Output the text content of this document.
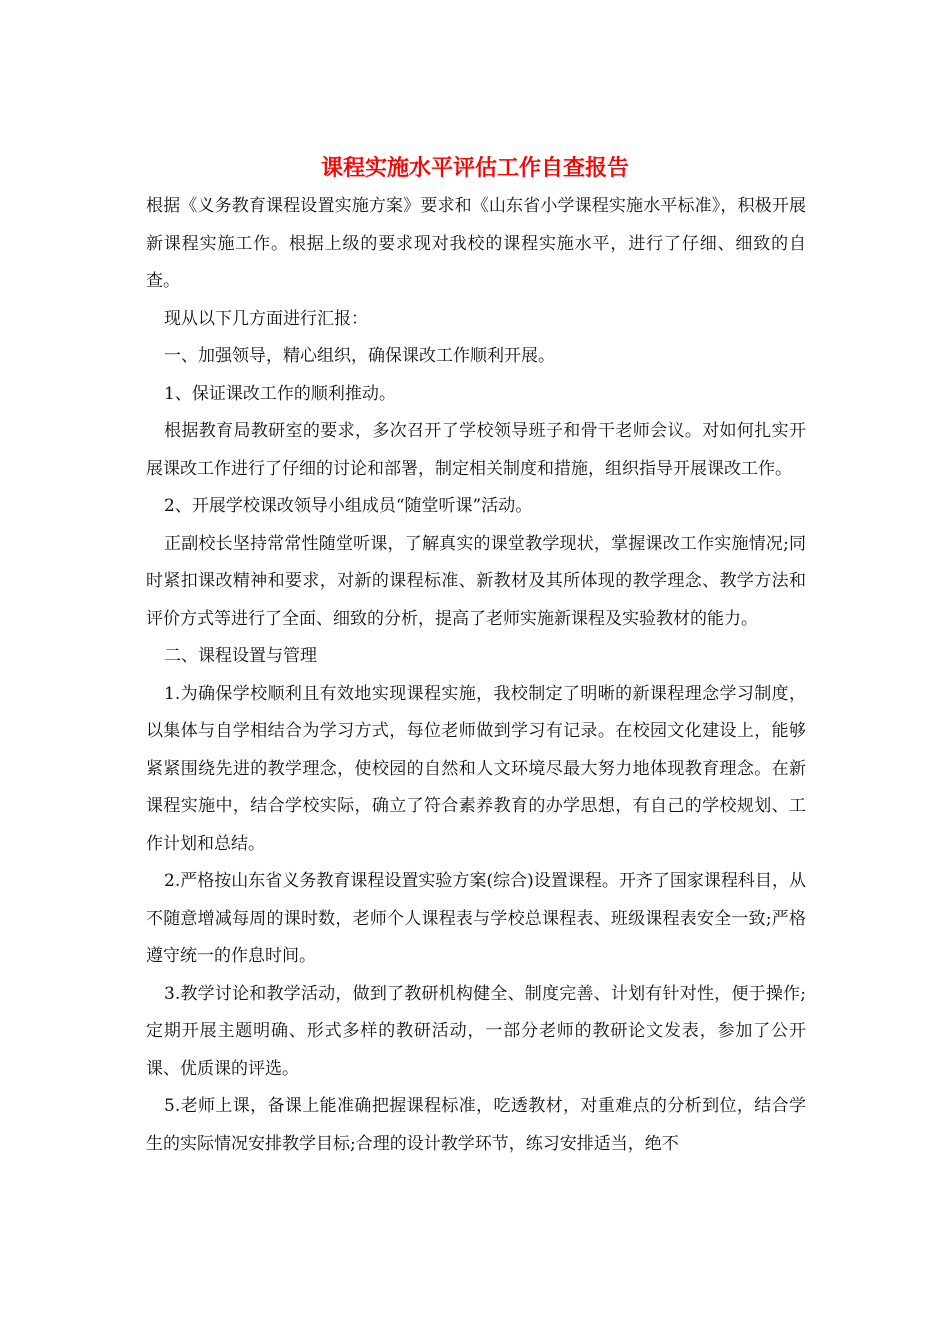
课程实施水平评估工作自查报告

根据《义务教育课程设置实施方案》要求和《山东省小学课程实施水平标准》，积极开展新课程实施工作。根据上级的要求现对我校的课程实施水平，进行了仔细、细致的自查。

现从以下几方面进行汇报：

一、加强领导，精心组织，确保课改工作顺利开展。

1、保证课改工作的顺利推动。

根据教育局教研室的要求，多次召开了学校领导班子和骨干老师会议。对如何扎实开展课改工作进行了仔细的讨论和部署，制定相关制度和措施，组织指导开展课改工作。

2、开展学校课改领导小组成员“随堂听课”活动。

正副校长坚持常常性随堂听课，了解真实的课堂教学现状，掌握课改工作实施情况;同时紧扣课改精神和要求，对新的课程标准、新教材及其所体现的教学理念、教学方法和评价方式等进行了全面、细致的分析，提高了老师实施新课程及实验教材的能力。

二、课程设置与管理

1.为确保学校顺利且有效地实现课程实施，我校制定了明晰的新课程理念学习制度，以集体与自学相结合为学习方式，每位老师做到学习有记录。在校园文化建设上，能够紧紧围绕先进的教学理念，使校园的自然和人文环境尽最大努力地体现教育理念。在新课程实施中，结合学校实际，确立了符合素养教育的办学思想，有自己的学校规划、工作计划和总结。

2.严格按山东省义务教育课程设置实验方案(综合)设置课程。开齐了国家课程科目，从不随意增减每周的课时数，老师个人课程表与学校总课程表、班级课程表安全一致;严格遵守统一的作息时间。

3.教学讨论和教学活动，做到了教研机构健全、制度完善、计划有针对性，便于操作;定期开展主题明确、形式多样的教研活动，一部分老师的教研论文发表，参加了公开课、优质课的评选。

5.老师上课，备课上能准确把握课程标准，吃透教材，对重难点的分析到位，结合学生的实际情况安排教学目标;合理的设计教学环节，练习安排适当，绝不
